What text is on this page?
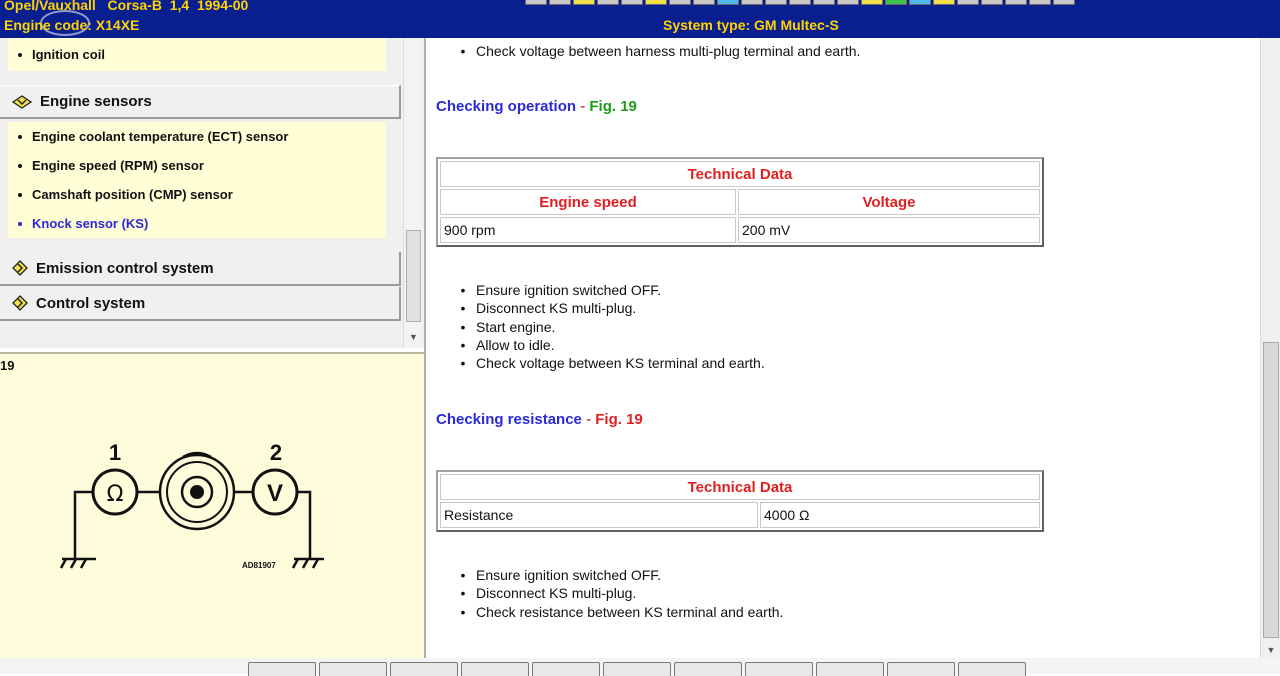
Opel/Vauxhall   Corsa-B  1,4  1994-00
Engine code: X14XE	System type: GM Multec-S
Ignition coil
Engine sensors
Engine coolant temperature (ECT) sensor
Engine speed (RPM) sensor
Camshaft position (CMP) sensor
Knock sensor (KS)
Emission control system
Control system
▼
19
Ω	V
1	2
AD81907
• Check voltage between harness multi-plug terminal and earth.
Checking operation - Fig. 19
Technical Data	
Engine speed	Voltage
900 rpm	200 mV
• Ensure ignition switched OFF.
• Disconnect KS multi-plug.
• Start engine.
• Allow to idle.
• Check voltage between KS terminal and earth.
Checking resistance - Fig. 19
Technical Data
Resistance	4000 Ω
• Ensure ignition switched OFF.
• Disconnect KS multi-plug.
• Check resistance between KS terminal and earth.
▼
